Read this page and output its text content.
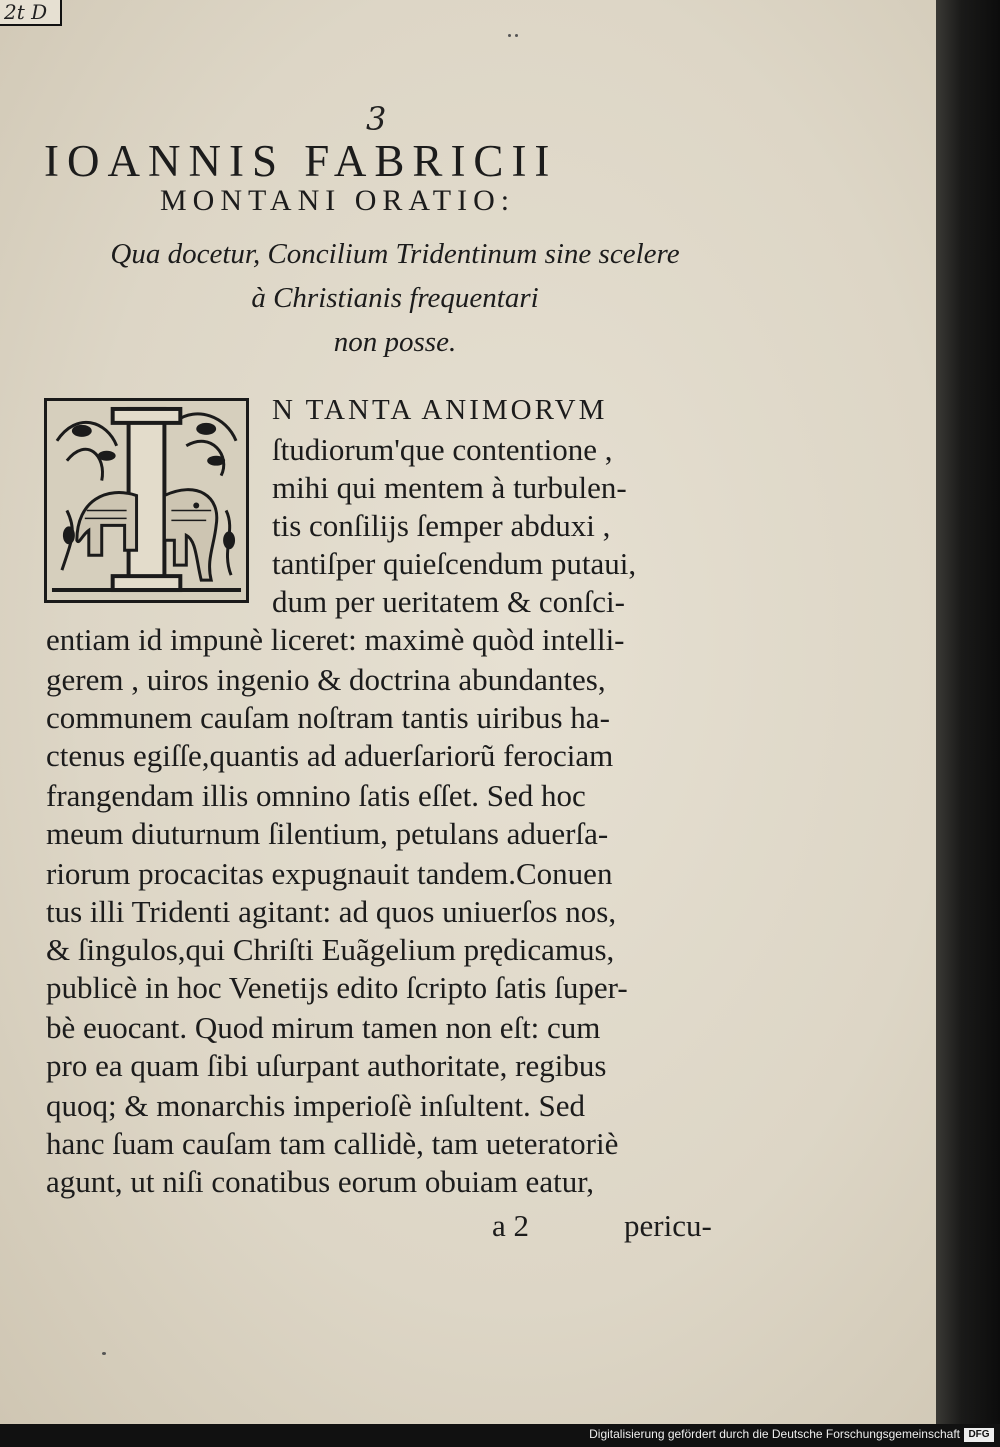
2t D
3
IOANNIS FABRICII
MONTANI ORATIO:
Qua docetur, Concilium Tridentinum sine scelere
à Christianis frequentari
non posse.
N TANTA ANIMORVM
ſtudiorum'que contentione ,
mihi qui mentem à turbulen-
tis conſilijs ſemper abduxi ,
tantiſper quieſcendum putaui,
dum per ueritatem & conſci-
entiam id impunè liceret: maximè quòd intelli-
gerem , uiros ingenio & doctrina abundantes,
communem cauſam noſtram tantis uiribus ha-
ctenus egiſſe,quantis ad aduerſariorũ ferociam
frangendam illis omnino ſatis eſſet. Sed hoc
meum diuturnum ſilentium, petulans aduerſa-
riorum procacitas expugnauit tandem.Conuen
tus illi Tridenti agitant: ad quos uniuerſos nos,
& ſingulos,qui Chriſti Euãgelium prędicamus,
publicè in hoc Venetijs edito ſcripto ſatis ſuper-
bè euocant. Quod mirum tamen non eſt: cum
pro ea quam ſibi uſurpant authoritate, regibus
quoq; & monarchis imperioſè inſultent. Sed
hanc ſuam cauſam tam callidè, tam ueteratoriè
agunt, ut niſi conatibus eorum obuiam eatur,
a 2	pericu-
Digitalisierung gefördert durch die Deutsche Forschungsgemeinschaft DFG
